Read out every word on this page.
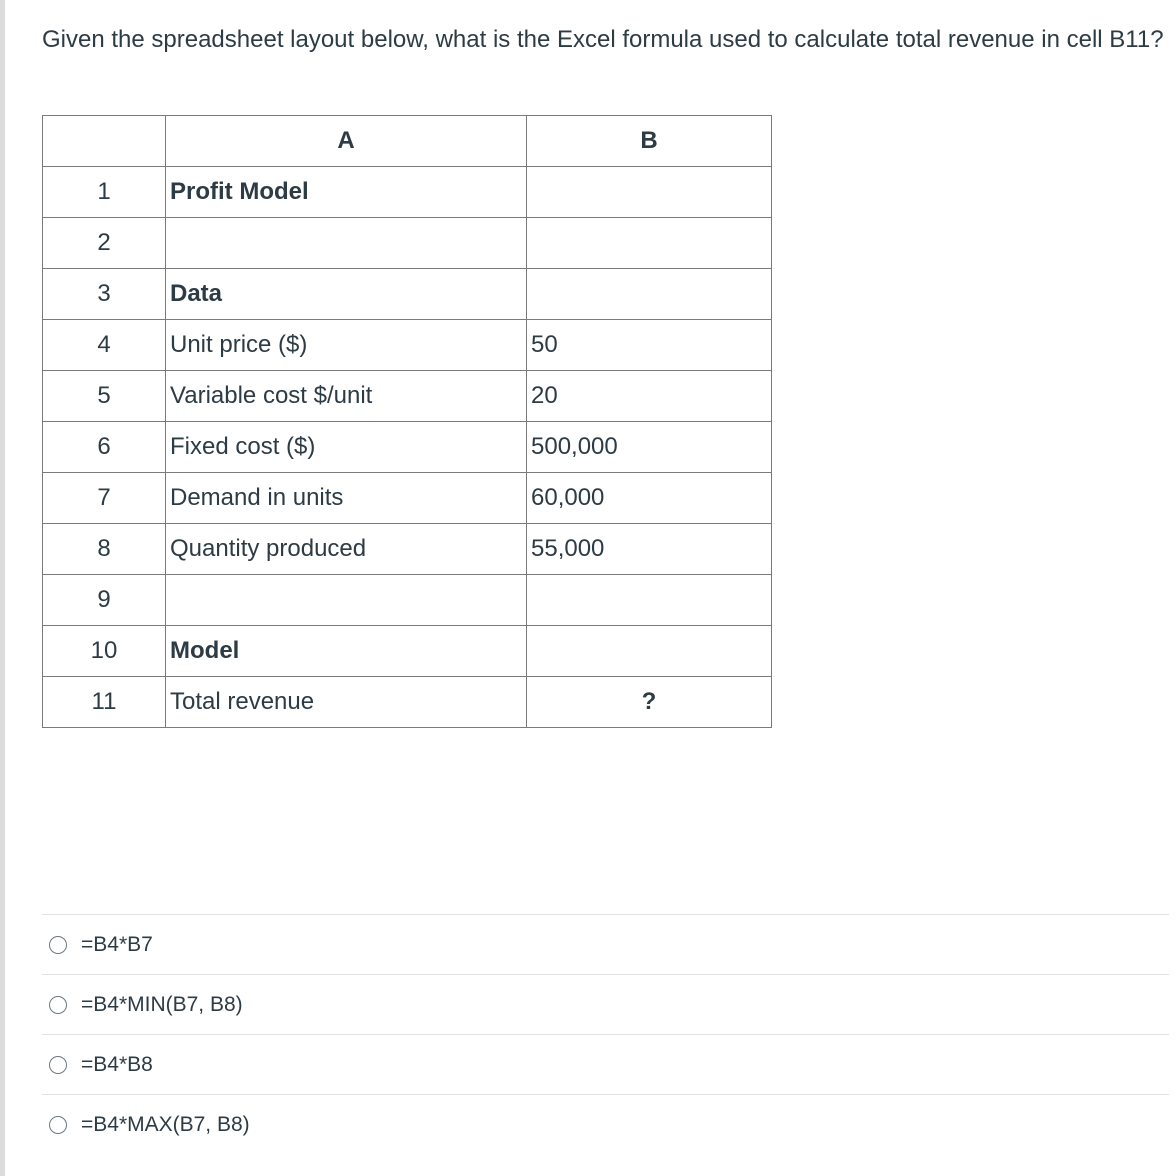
Given the spreadsheet layout below, what is the Excel formula used to calculate total revenue in cell B11?
	A	B
1	Profit Model	
2		
3	Data	
4	Unit price ($)	50
5	Variable cost $/unit	20
6	Fixed cost ($)	500,000
7	Demand in units	60,000
8	Quantity produced	55,000
9		
10	Model	
11	Total revenue	?
=B4*B7
=B4*MIN(B7, B8)
=B4*B8
=B4*MAX(B7, B8)
